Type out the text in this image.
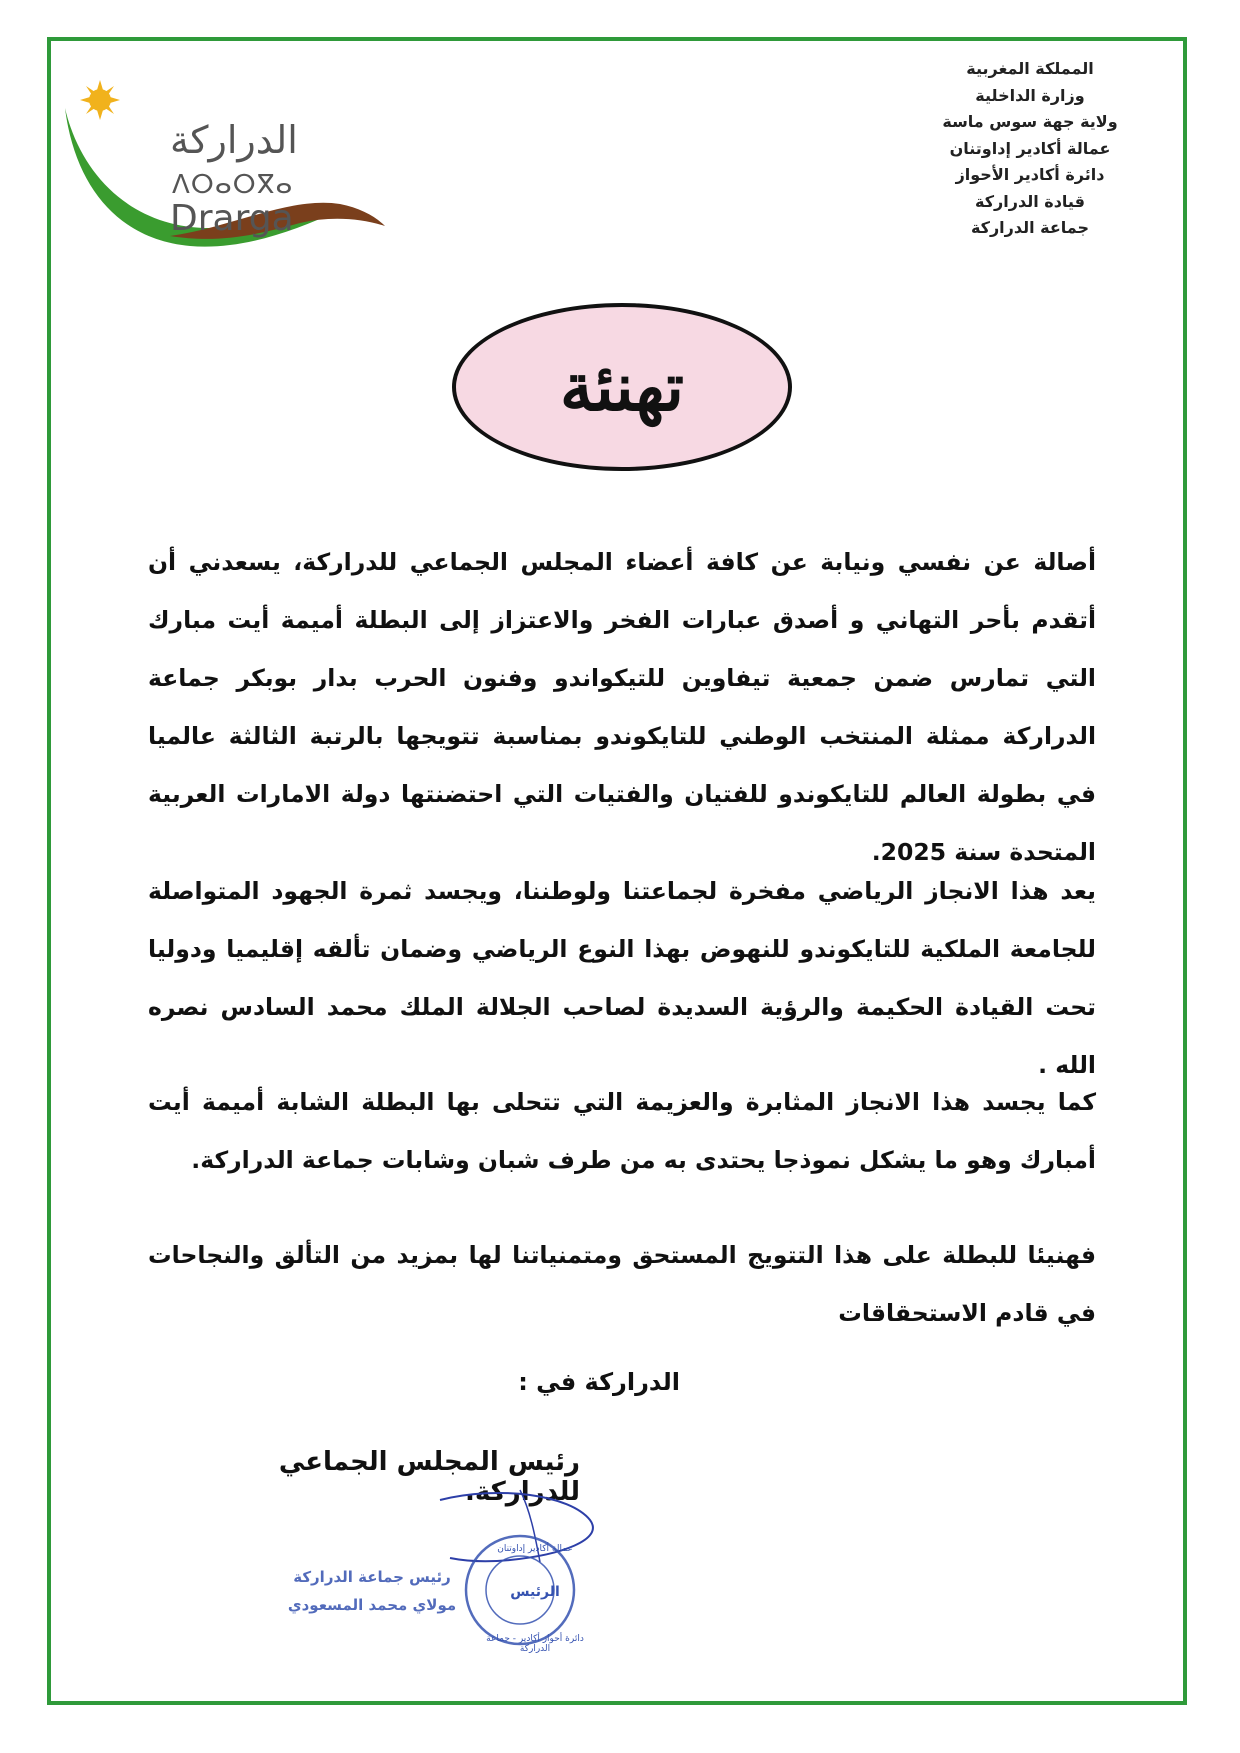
الدراركة
ⴷⵔⴰⵔⴳⴰ
Drarga
المملكة المغربية
وزارة الداخلية
ولاية جهة سوس ماسة
عمالة أكادير إداوتنان
دائرة أكادير الأحواز
قيادة الدراركة
جماعة الدراركة
تهنئة
أصالة عن نفسي ونيابة عن كافة أعضاء المجلس الجماعي للدراركة، يسعدني أن أتقدم بأحر التهاني و أصدق عبارات الفخر والاعتزاز إلى البطلة أميمة أيت مبارك التي تمارس ضمن جمعية تيفاوين للتيكواندو وفنون الحرب بدار بوبكر جماعة الدراركة ممثلة المنتخب الوطني للتايكوندو بمناسبة تتويجها بالرتبة الثالثة عالميا في بطولة العالم للتايكوندو للفتيان والفتيات التي احتضنتها دولة الامارات العربية المتحدة سنة 2025.
يعد هذا الانجاز الرياضي مفخرة لجماعتنا ولوطننا، ويجسد ثمرة الجهود المتواصلة للجامعة الملكية للتايكوندو للنهوض بهذا النوع الرياضي وضمان تألقه إقليميا ودوليا تحت القيادة الحكيمة والرؤية السديدة لصاحب الجلالة الملك محمد السادس نصره الله .
كما يجسد هذا الانجاز المثابرة والعزيمة التي تتحلى بها البطلة الشابة أميمة أيت أمبارك وهو ما يشكل نموذجا يحتدى به من طرف شبان وشابات جماعة الدراركة.
فهنيئا للبطلة على هذا التتويج المستحق ومتمنياتنا لها بمزيد من التألق والنجاحات في قادم الاستحقاقات
الدراركة في :
رئيس المجلس الجماعي للدراركة.
رئيس جماعة الدراركة
مولاي محمد المسعودي
عمالة أكادير إداوتنان
الرئيس
دائرة أحواز أكادير - جماعة الدراركة
